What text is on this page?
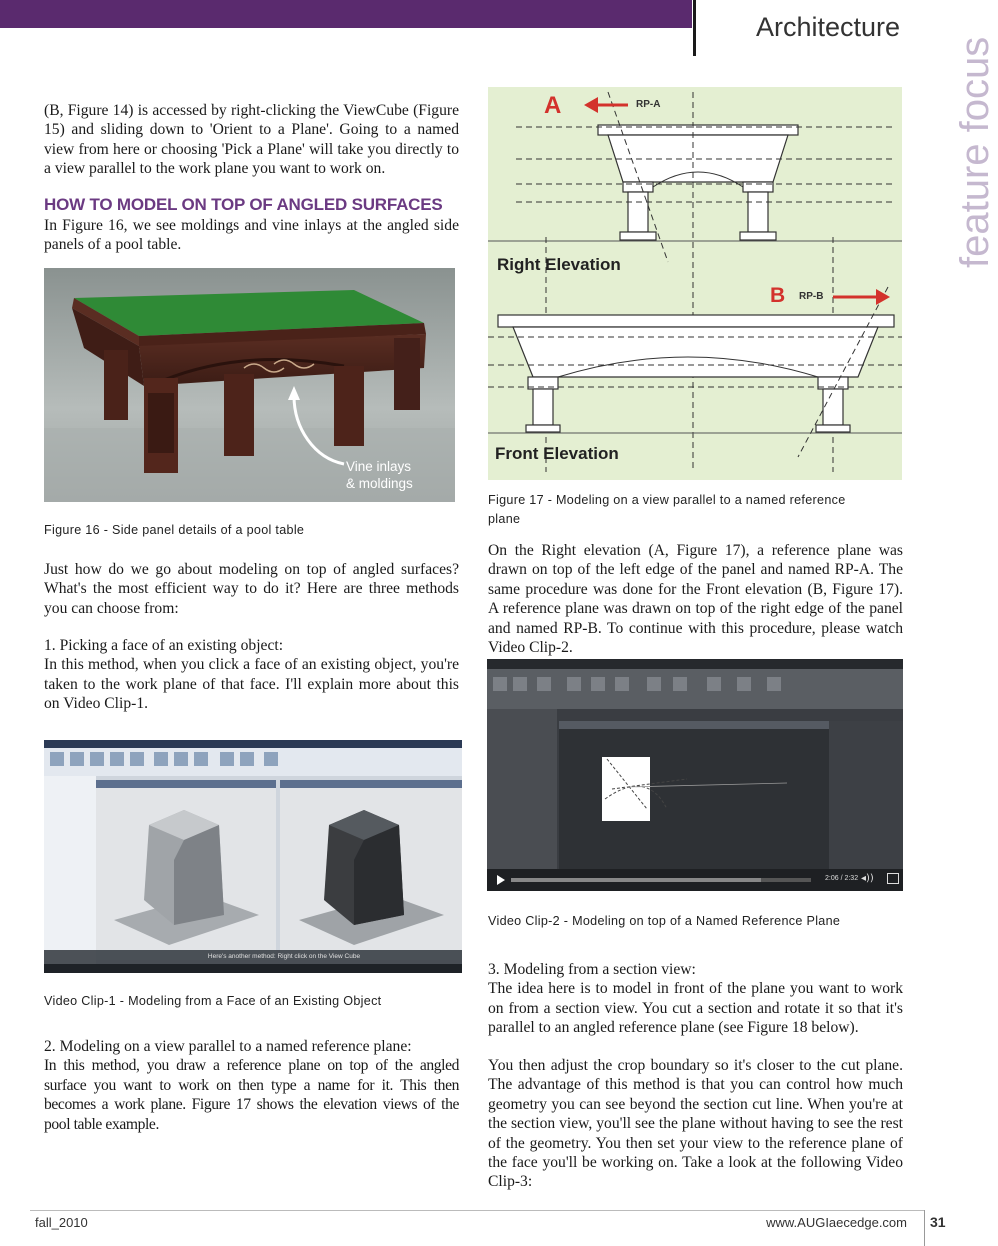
Architecture
feature focus

(B, Figure 14) is accessed by right-clicking the ViewCube (Figure 15) and sliding down to 'Orient to a Plane'. Going to a named view from here or choosing 'Pick a Plane' will take you directly to a view parallel to the work plane you want to work on.

HOW TO MODEL ON TOP OF ANGLED SURFACES

In Figure 16, we see moldings and vine inlays at the angled side panels of a pool table.

Vine inlays
& moldings
Figure 16 - Side panel details of a pool table

Just how do we go about modeling on top of angled surfaces? What's the most efficient way to do it? Here are three methods you can choose from:

1. Picking a face of an existing object:

In this method, when you click a face of an existing object, you're taken to the work plane of that face. I'll explain more about this on Video Clip-1.

Here's another method: Right click on the View Cube
Video Clip-1 - Modeling from a Face of an Existing Object

2. Modeling on a view parallel to a named reference plane:

In this method, you draw a reference plane on top of the angled surface you want to work on then type a name for it. This then becomes a work plane. Figure 17 shows the elevation views of the pool table example.

A	RP-A
Right Elevation
B RP-B
Front Elevation
Figure 17 - Modeling on a view parallel to a named reference
plane

On the Right elevation (A, Figure 17), a reference plane was drawn on top of the left edge of the panel and named RP-A. The same procedure was done for the Front elevation (B, Figure 17). A reference plane was drawn on top of the right edge of the panel and named RP-B. To continue with this procedure, please watch Video Clip-2.

2:06 / 2:32 ◂))
Video Clip-2 - Modeling on top of a Named Reference Plane

3. Modeling from a section view:

The idea here is to model in front of the plane you want to work on from a section view. You cut a section and rotate it so that it's parallel to an angled reference plane (see Figure 18 below).

You then adjust the crop boundary so it's closer to the cut plane. The advantage of this method is that you can control how much geometry you can see beyond the section cut line. When you're at the section view, you'll see the plane without having to see the rest of the geometry. You then set your view to the reference plane of the face you'll be working on. Take a look at the following Video Clip-3:

fall_2010	www.AUGIaecedge.com 31
